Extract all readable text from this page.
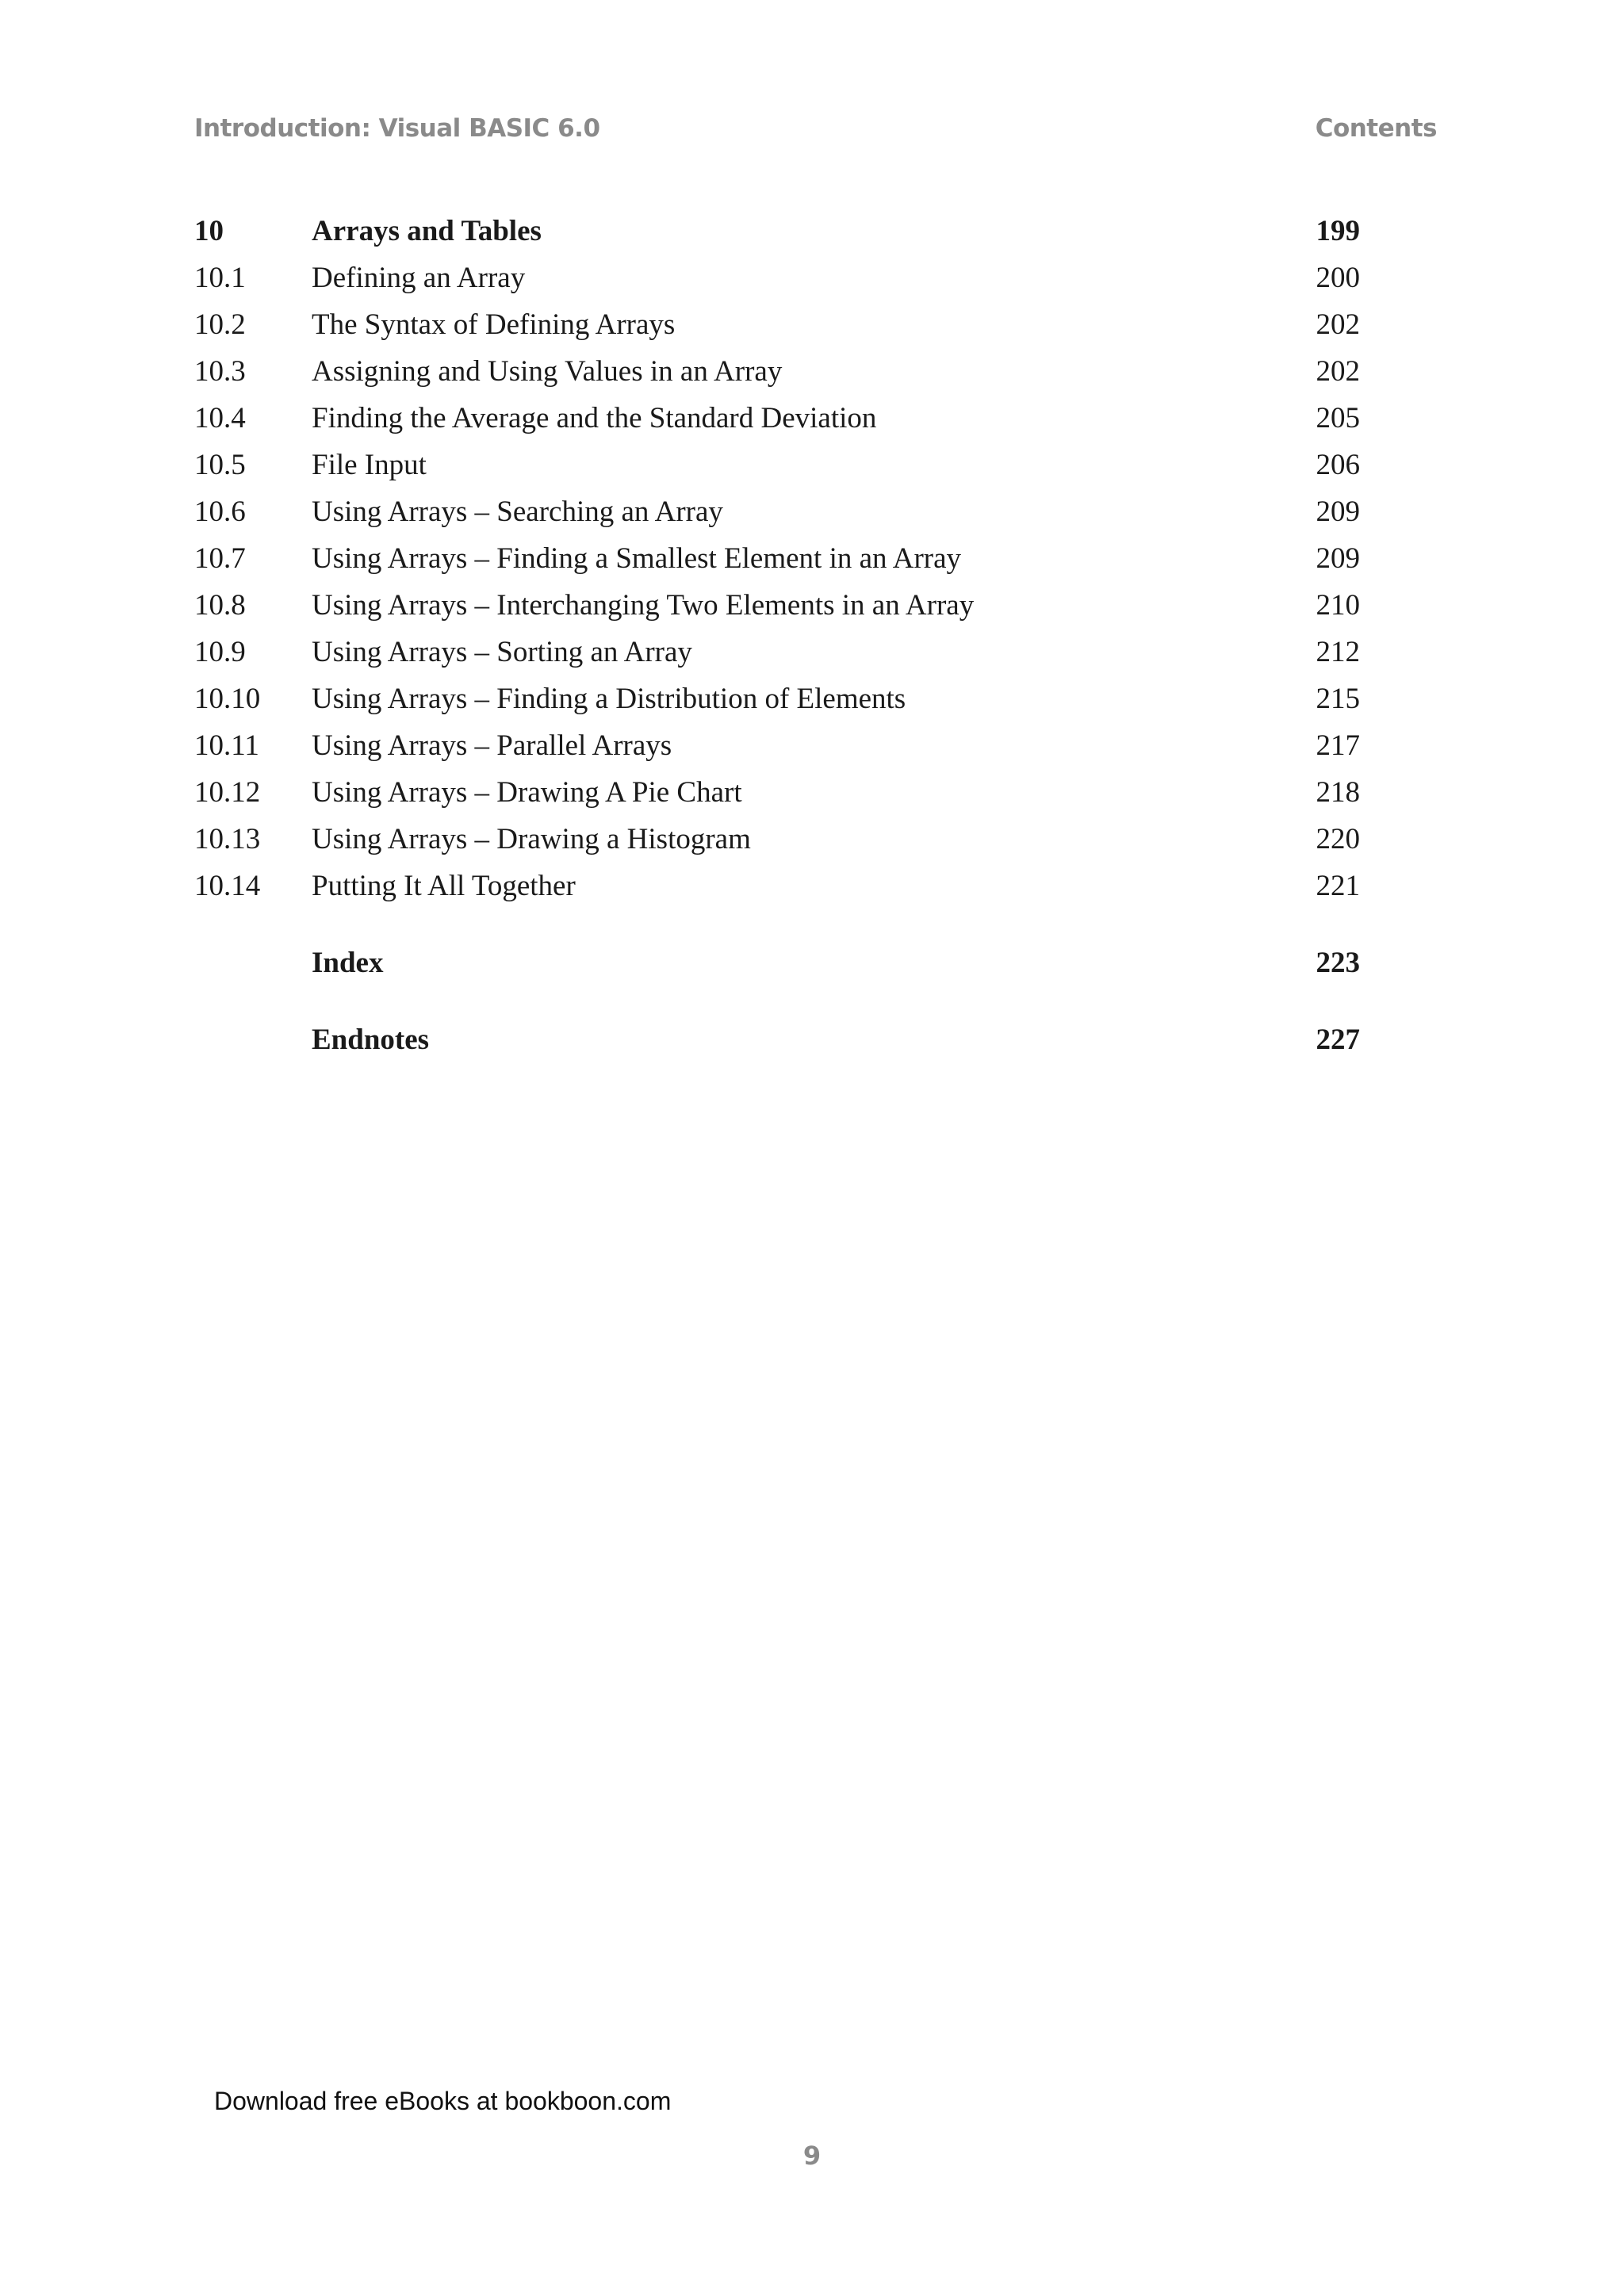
Introduction: Visual BASIC 6.0	Contents
10	Arrays and Tables	199
10.1 Defining an Array	200
10.2 The Syntax of Defining Arrays	202
10.3 Assigning and Using Values in an Array	202
10.4 Finding the Average and the Standard Deviation	205
10.5 File Input	206
10.6 Using Arrays – Searching an Array	209
10.7 Using Arrays – Finding a Smallest Element in an Array	209
10.8 Using Arrays – Interchanging Two Elements in an Array	210
10.9 Using Arrays – Sorting an Array	212
10.10 Using Arrays – Finding a Distribution of Elements	215
10.11 Using Arrays – Parallel Arrays	217
10.12 Using Arrays – Drawing A Pie Chart	218
10.13 Using Arrays – Drawing a Histogram	220
10.14 Putting It All Together	221
Index	223
Endnotes	227
Download free eBooks at bookboon.com
9
